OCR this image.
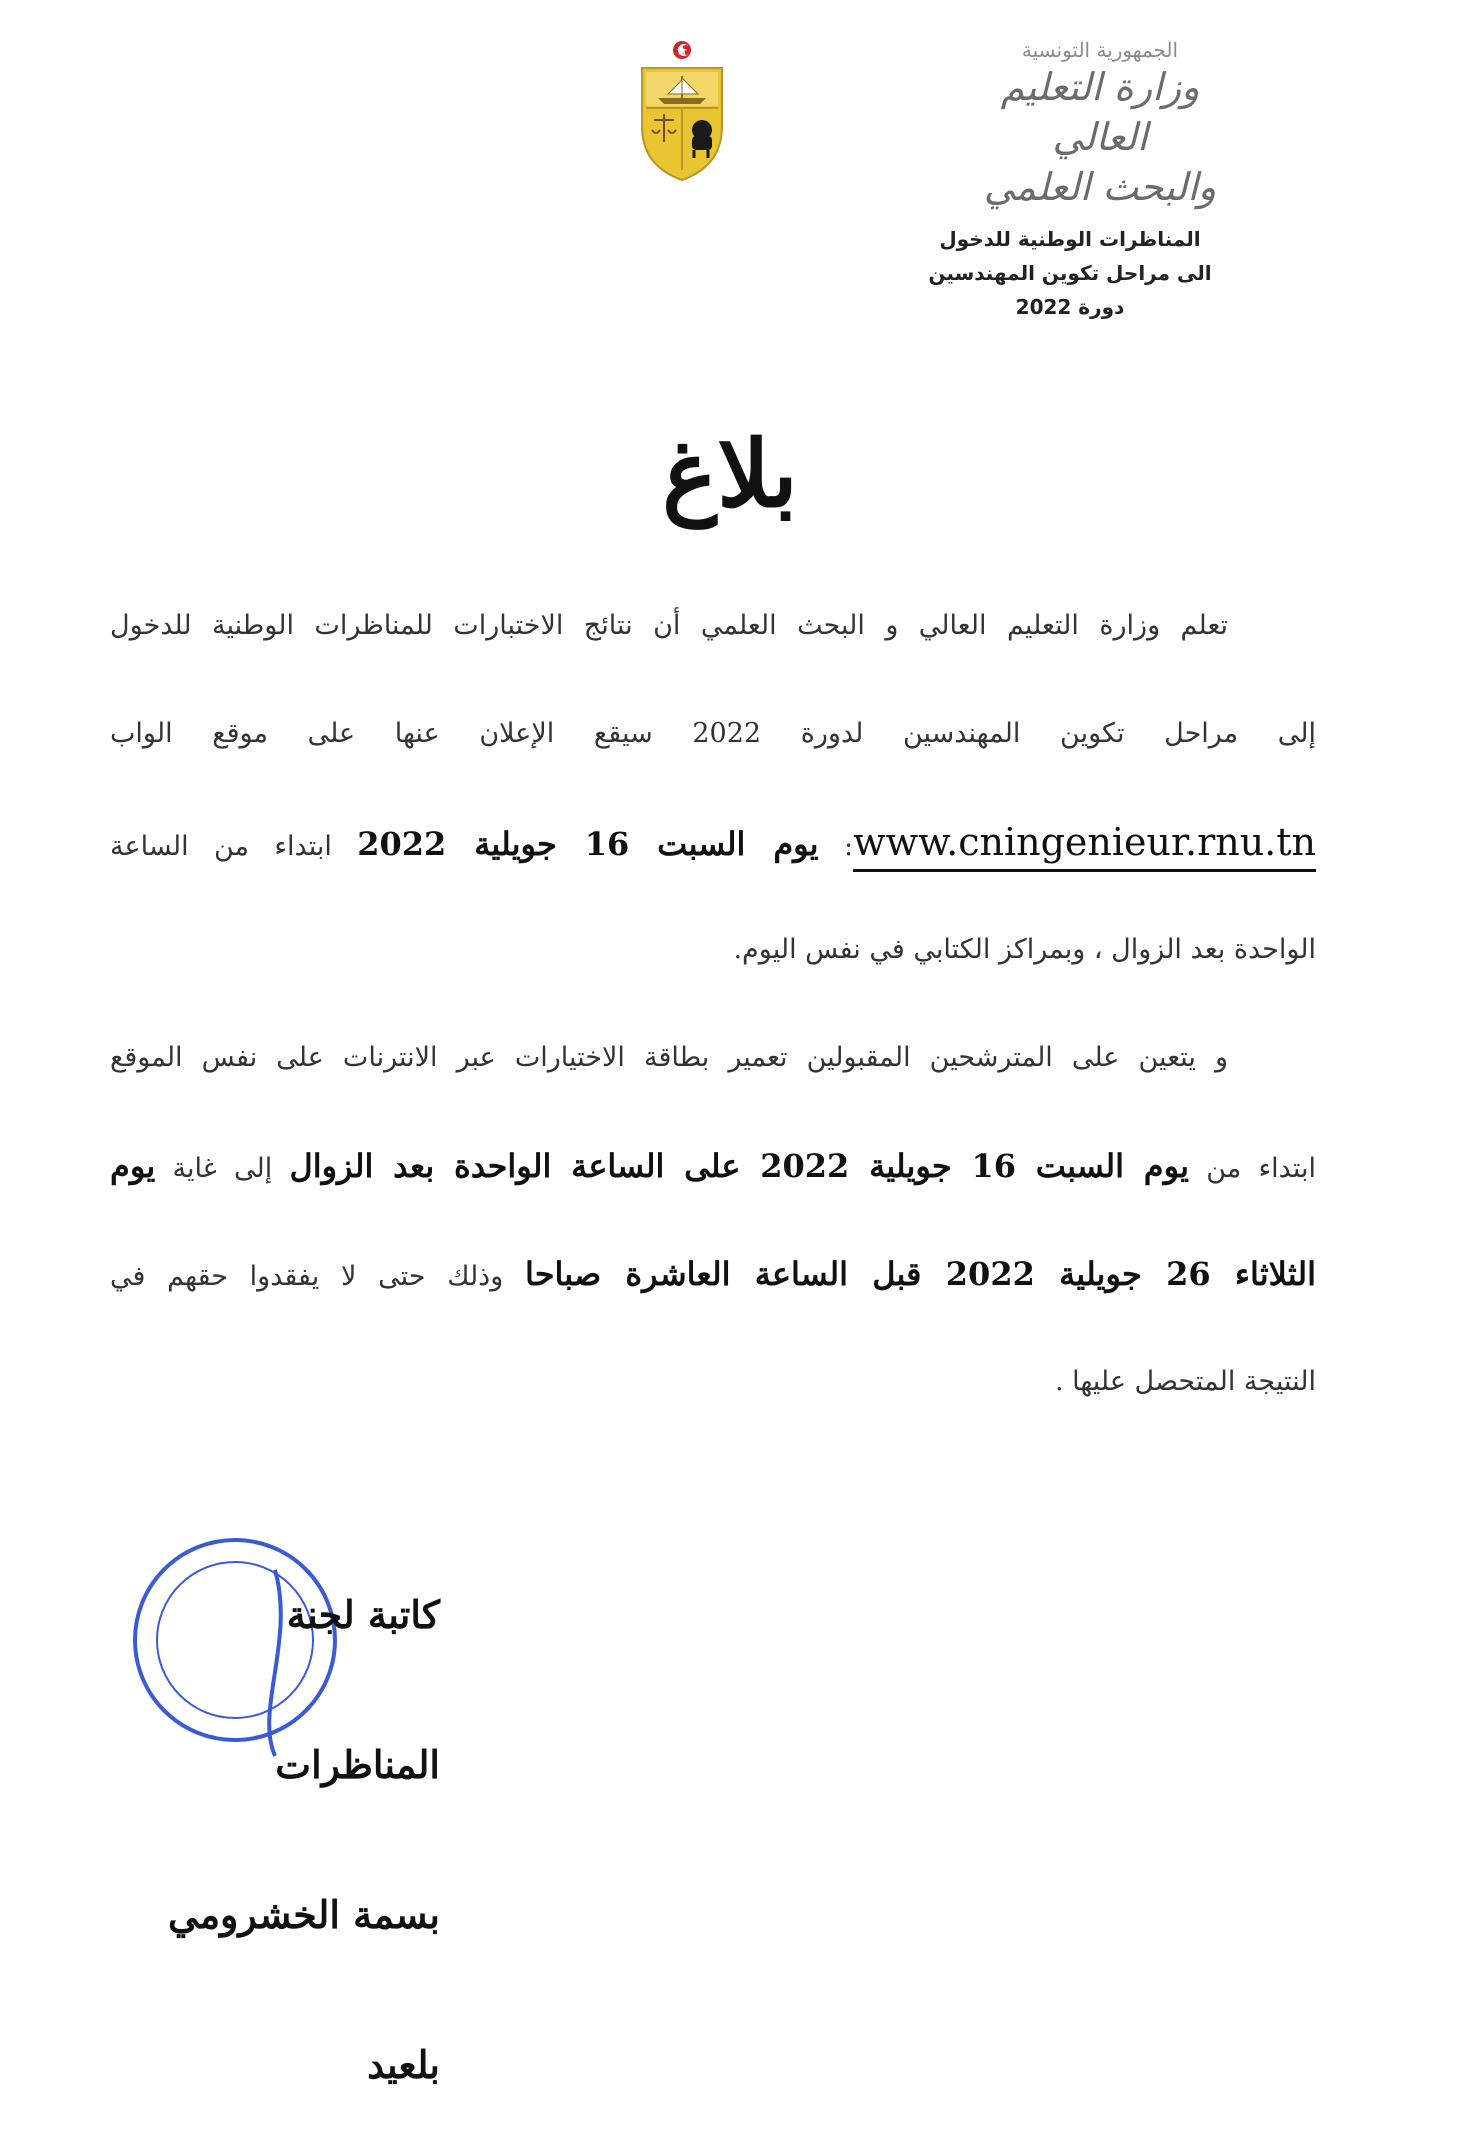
الجمهورية التونسية
وزارة التعليم العالي
والبحث العلمي
المناظرات الوطنية للدخول
الى مراحل تكوين المهندسين
دورة 2022
بلاغ
تعلم وزارة التعليم العالي و البحث العلمي أن نتائج الاختبارات للمناظرات الوطنية للدخول
إلى مراحل تكوين المهندسين لدورة 2022 سيقع الإعلان عنها على موقع الواب
www.cningenieur.rnu.tn: يوم السبت 16 جويلية 2022 ابتداء من الساعة
الواحدة بعد الزوال ، وبمراكز الكتابي في نفس اليوم.
و يتعين على المترشحين المقبولين تعمير بطاقة الاختيارات عبر الانترنات على نفس الموقع
ابتداء من يوم السبت 16 جويلية 2022 على الساعة الواحدة بعد الزوال إلى غاية يوم
الثلاثاء 26 جويلية 2022 قبل الساعة العاشرة صباحا وذلك حتى لا يفقدوا حقهم في
النتيجة المتحصل عليها .
كاتبة لجنة المناظرات
بسمة الخشرومي بلعيد
